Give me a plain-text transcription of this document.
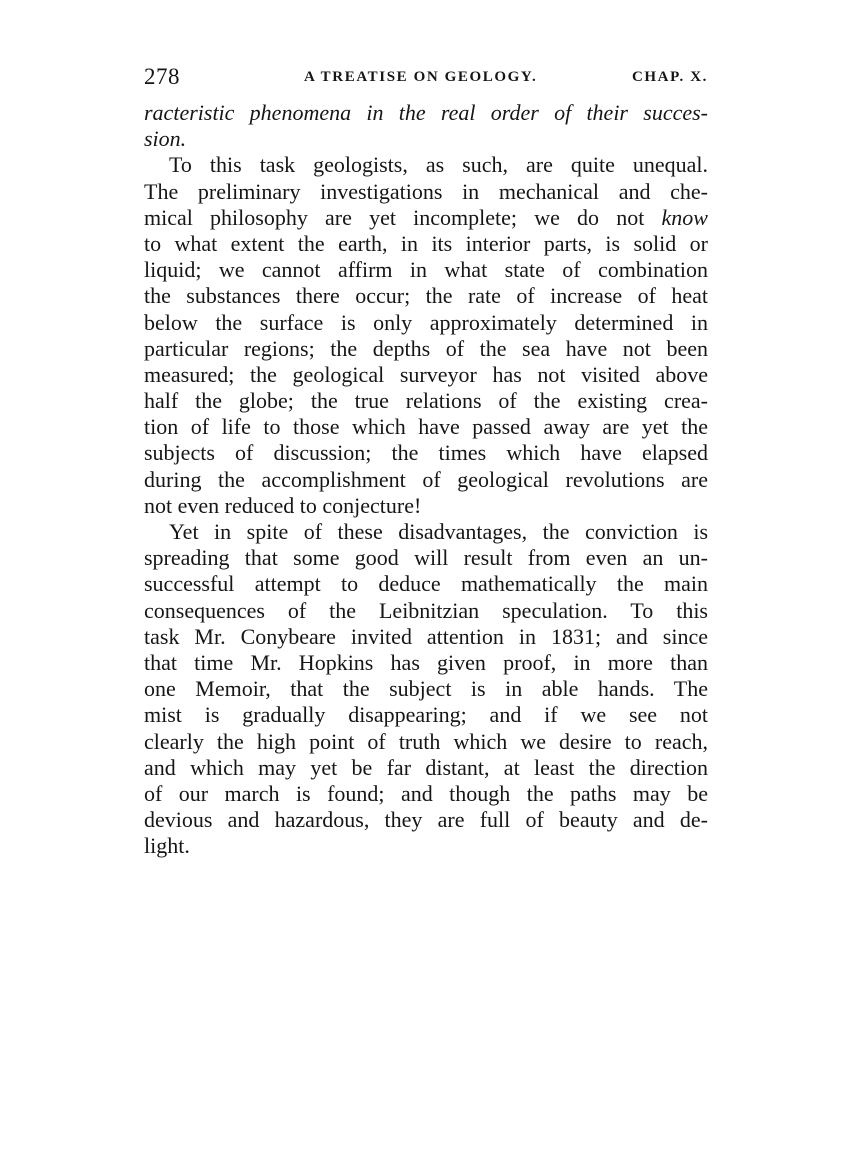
278	A TREATISE ON GEOLOGY.	CHAP. X.
racteristic phenomena in the real order of their succes-
sion.
To this task geologists, as such, are quite unequal.
The preliminary investigations in mechanical and che-
mical philosophy are yet incomplete; we do not know
to what extent the earth, in its interior parts, is solid or
liquid; we cannot affirm in what state of combination
the substances there occur; the rate of increase of heat
below the surface is only approximately determined in
particular regions; the depths of the sea have not been
measured; the geological surveyor has not visited above
half the globe; the true relations of the existing crea-
tion of life to those which have passed away are yet the
subjects of discussion; the times which have elapsed
during the accomplishment of geological revolutions are
not even reduced to conjecture!
Yet in spite of these disadvantages, the conviction is
spreading that some good will result from even an un-
successful attempt to deduce mathematically the main
consequences of the Leibnitzian speculation. To this
task Mr. Conybeare invited attention in 1831; and since
that time Mr. Hopkins has given proof, in more than
one Memoir, that the subject is in able hands. The
mist is gradually disappearing; and if we see not
clearly the high point of truth which we desire to reach,
and which may yet be far distant, at least the direction
of our march is found; and though the paths may be
devious and hazardous, they are full of beauty and de-
light.
